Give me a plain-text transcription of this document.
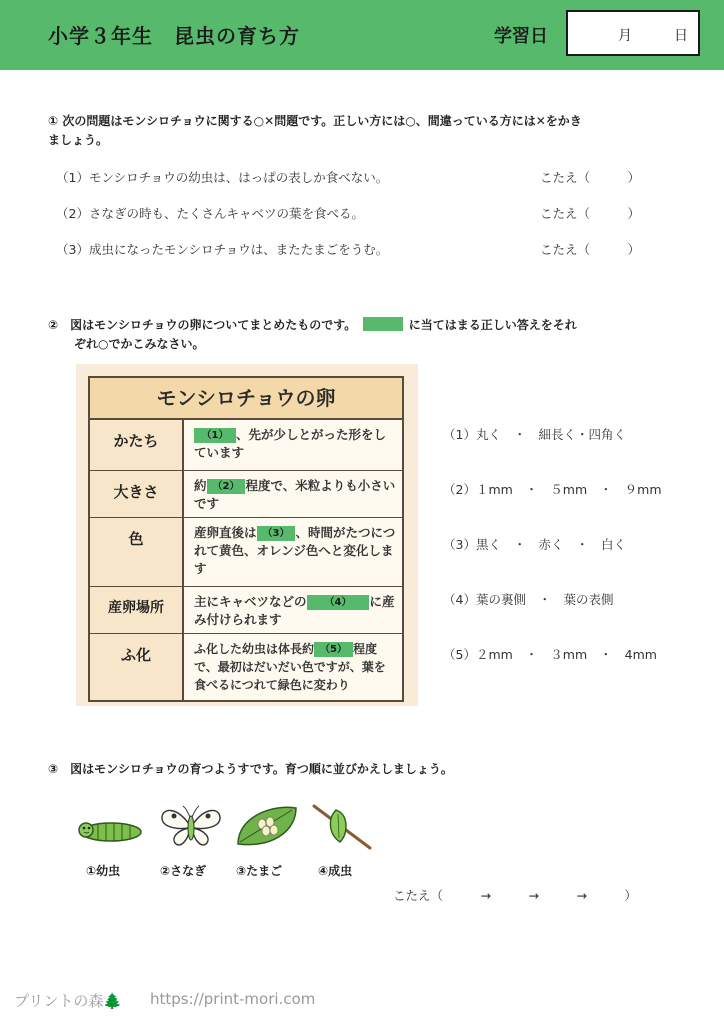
小学３年生　昆虫の育ち方	学習日	月	日
① 次の問題はモンシロチョウに関する○✕問題です。正しい方には○、間違っている方には✕をかき
ましょう。
（1）モンシロチョウの幼虫は、はっぱの表しか食べない。	こたえ（　　　）
（2）さなぎの時も、たくさんキャベツの葉を食べる。	こたえ（　　　）
（3）成虫になったモンシロチョウは、またたまごをうむ。	こたえ（　　　）
②　図はモンシロチョウの卵についてまとめたものです。	に当てはまる正しい答えをそれ
ぞれ○でかこみなさい。
モンシロチョウの卵
かたち	（1） 、先が少しとがった形をしています
大きさ	約 （2） 程度で、米粒よりも小さいです
色	産卵直後は （3） 、時間がたつにつれて黄色、オレンジ色へと変化します
産卵場所	主にキャベツなどの （4） に産み付けられます
ふ化	ふ化した幼虫は体長約 （5） 程度で、最初はだいだい色ですが、葉を食べるにつれて緑色に変わり
（1）丸く　・　細長く・四角く
（2）１mm　・　５mm　・　９mm
（3）黒く　・　赤く　・　白く
（4）葉の裏側　・　葉の表側
（5）２mm　・　３mm　・　4mm
③　図はモンシロチョウの育つようすです。育つ順に並びかえしましょう。
①幼虫	②さなぎ ③たまご	④成虫
こたえ（　　　→　　　→　　　→　　　）
プリントの森🌲 https://print-mori.com
